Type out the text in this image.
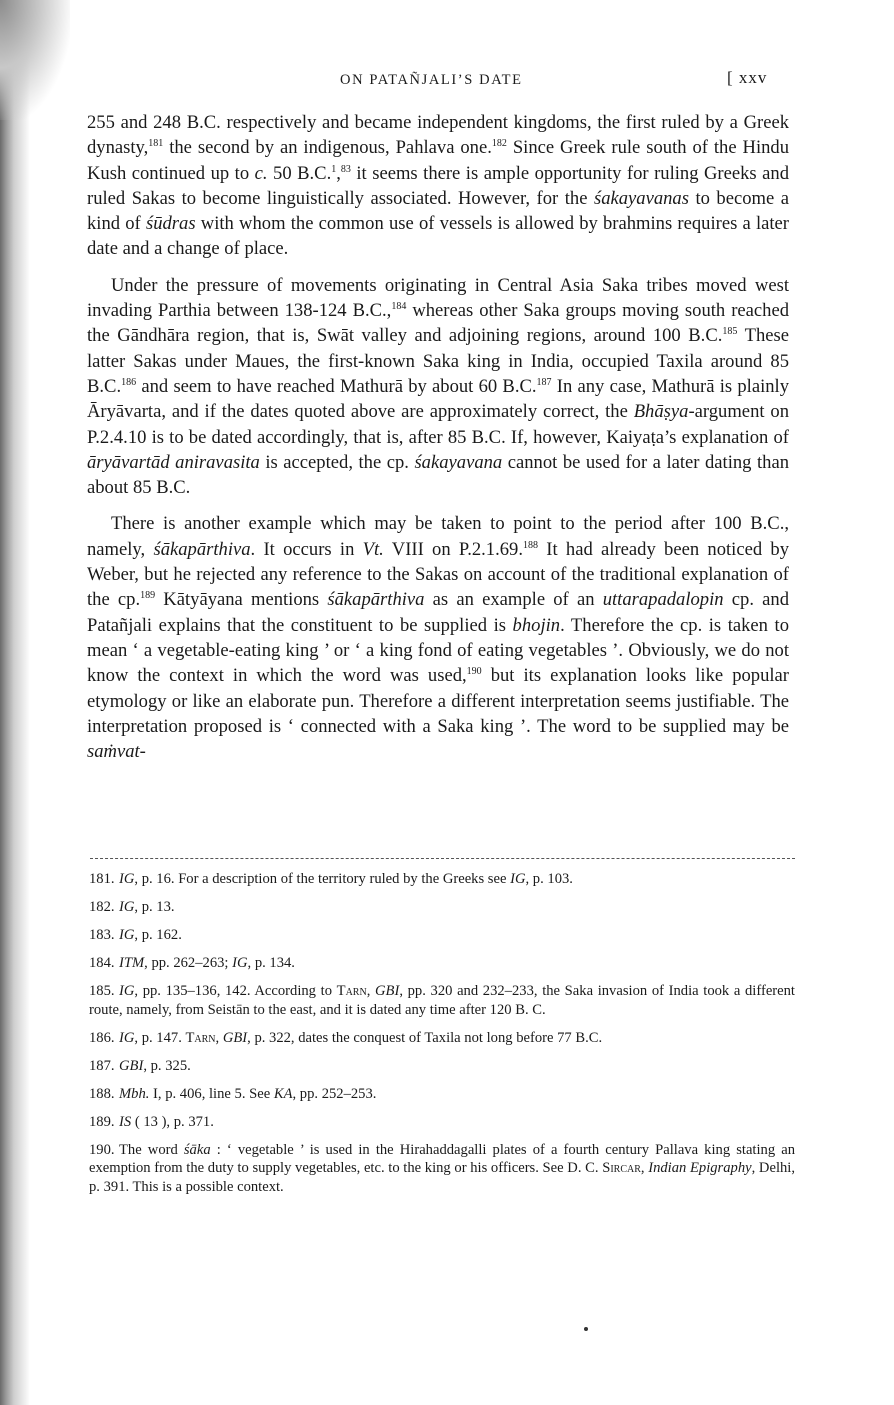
ON PATAÑJALI’S DATE	[ xxv

255 and 248 B.C. respectively and became independent kingdoms, the first ruled by a Greek dynasty,$^{181}$ the second by an indigenous, Pahlava one.$^{182}$ Since Greek rule south of the Hindu Kush continued up to c. 50 B.C.$^1$,$^{83}$ it seems there is ample opportunity for ruling Greeks and ruled Sakas to become linguistically associated. However, for the śakayavanas to become a kind of śūdras with whom the common use of vessels is allowed by brahmins requires a later date and a change of place.

Under the pressure of movements originating in Central Asia Saka tribes moved west invading Parthia between 138-124 B.C.,$^{184}$ whereas other Saka groups moving south reached the Gāndhāra region, that is, Swāt valley and adjoining regions, around 100 B.C.$^{185}$ These latter Sakas under Maues, the first-known Saka king in India, occupied Taxila around 85 B.C.$^{186}$ and seem to have reached Mathurā by about 60 B.C.$^{187}$ In any case, Mathurā is plainly Āryāvarta, and if the dates quoted above are approximately correct, the Bhāṣya-argument on P.2.4.10 is to be dated accordingly, that is, after 85 B.C. If, however, Kaiyaṭa’s explanation of āryāvartād aniravasita is accepted, the cp. śakayavana cannot be used for a later dating than about 85 B.C.

There is another example which may be taken to point to the period after 100 B.C., namely, śākapārthiva. It occurs in Vt. VIII on P.2.1.69.$^{188}$ It had already been noticed by Weber, but he rejected any reference to the Sakas on account of the traditional explanation of the cp.$^{189}$ Kātyāyana mentions śākapārthiva as an example of an uttarapadalopin cp. and Patañjali explains that the constituent to be supplied is bhojin. Therefore the cp. is taken to mean ‘ a vegetable-eating king ’ or ‘ a king fond of eating vegetables ’. Obviously, we do not know the context in which the word was used,$^{190}$ but its explanation looks like popular etymology or like an elaborate pun. Therefore a different interpretation seems justifiable. The interpretation proposed is ‘ connected with a Saka king ’. The word to be supplied may be saṁvat-

181. IG, p. 16. For a description of the territory ruled by the Greeks see IG, p. 103.
182. IG, p. 13.
183. IG, p. 162.
184. ITM, pp. 262–263; IG, p. 134.
185. IG, pp. 135–136, 142. According to Tarn, GBI, pp. 320 and 232–233, the Saka invasion of India took a different route, namely, from Seistān to the east, and it is dated any time after 120 B. C.
186. IG, p. 147. Tarn, GBI, p. 322, dates the conquest of Taxila not long before 77 B.C.
187. GBI, p. 325.
188. Mbh. I, p. 406, line 5. See KA, pp. 252–253.
189. IS ( 13 ), p. 371.
190. The word śāka : ‘ vegetable ’ is used in the Hirahaddagalli plates of a fourth century Pallava king stating an exemption from the duty to supply vegetables, etc. to the king or his officers. See D. C. Sircar, Indian Epigraphy, Delhi, p. 391. This is a possible context.
